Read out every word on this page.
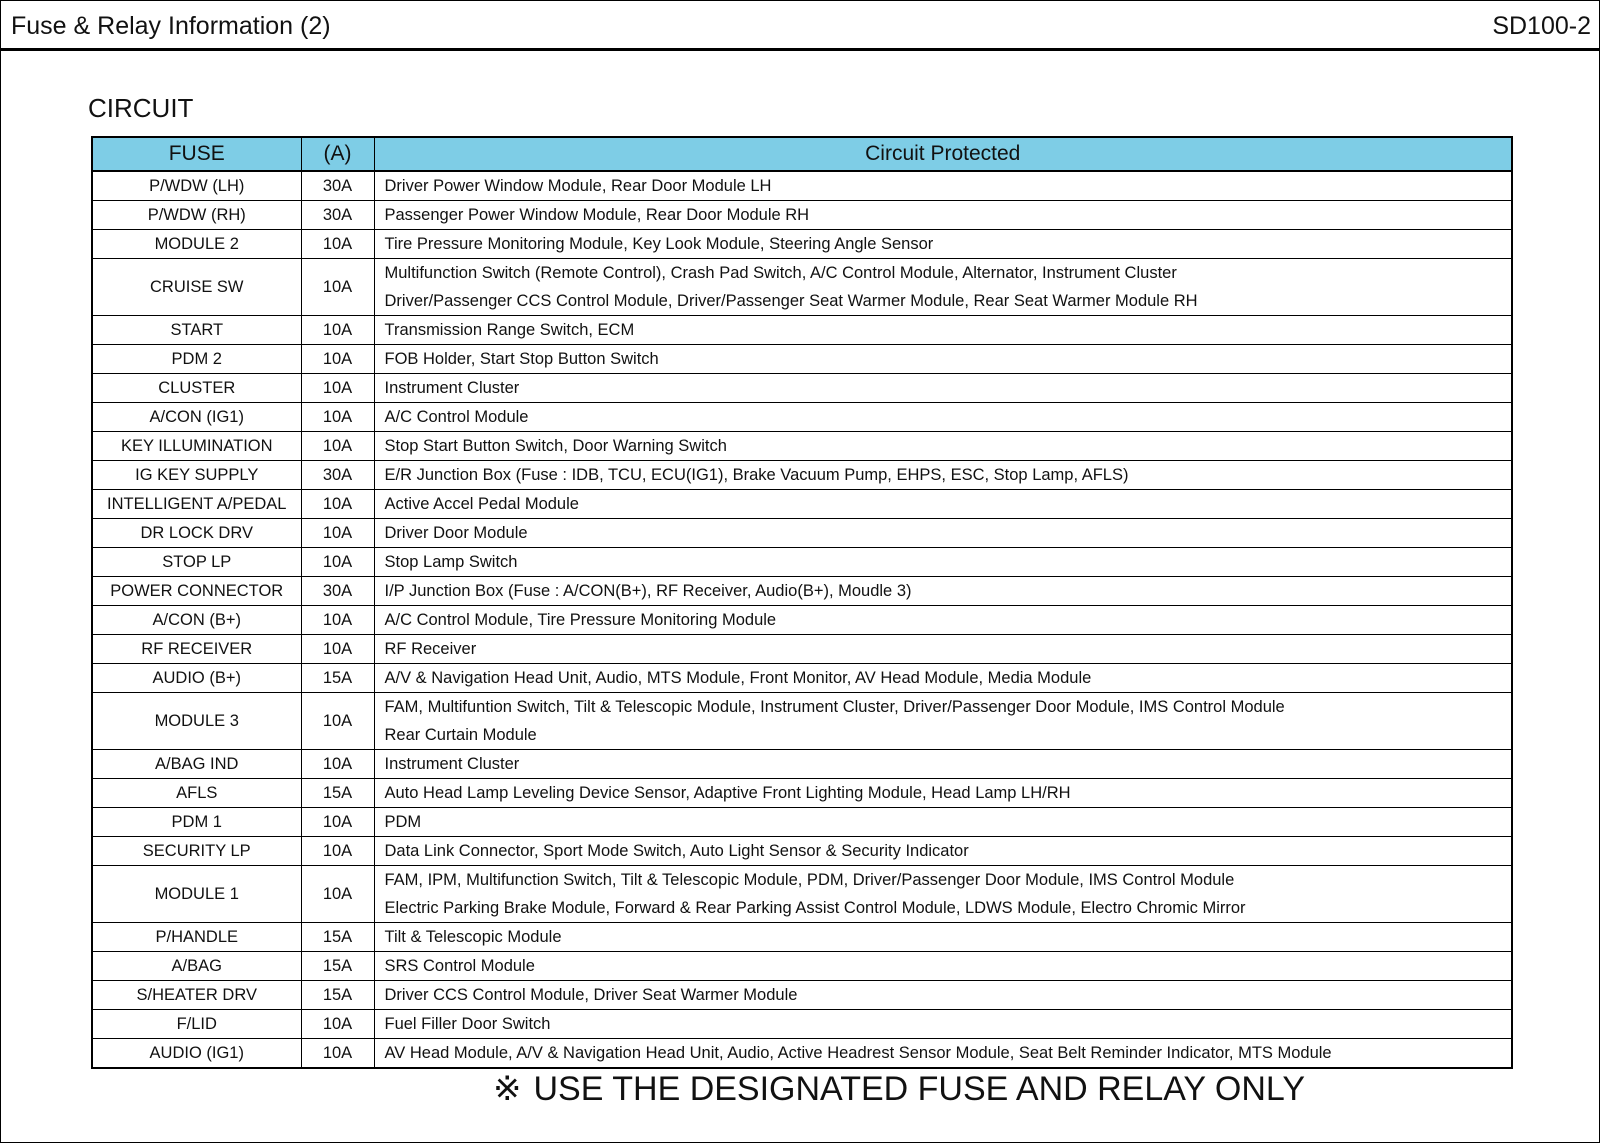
Fuse & Relay Information (2)	SD100-2
CIRCUIT
FUSE	(A)	Circuit Protected
P/WDW (LH)	30A	Driver Power Window Module, Rear Door Module LH

P/WDW (RH)	30A	Passenger Power Window Module, Rear Door Module RH

MODULE 2	10A	Tire Pressure Monitoring Module, Key Look Module, Steering Angle Sensor

CRUISE SW	10A	Multifunction Switch (Remote Control), Crash Pad Switch, A/C Control Module, Alternator, Instrument Cluster
Driver/Passenger CCS Control Module, Driver/Passenger Seat Warmer Module, Rear Seat Warmer Module RH

START	10A	Transmission Range Switch, ECM

PDM 2	10A	FOB Holder, Start Stop Button Switch

CLUSTER	10A	Instrument Cluster

A/CON (IG1)	10A	A/C Control Module

KEY ILLUMINATION	10A	Stop Start Button Switch, Door Warning Switch

IG KEY SUPPLY	30A	E/R Junction Box (Fuse : IDB, TCU, ECU(IG1), Brake Vacuum Pump, EHPS, ESC, Stop Lamp, AFLS)

INTELLIGENT A/PEDAL	10A	Active Accel Pedal Module

DR LOCK DRV	10A	Driver Door Module

STOP LP	10A	Stop Lamp Switch

POWER CONNECTOR	30A	I/P Junction Box (Fuse : A/CON(B+), RF Receiver, Audio(B+), Moudle 3)

A/CON (B+)	10A	A/C Control Module, Tire Pressure Monitoring Module

RF RECEIVER	10A	RF Receiver

AUDIO (B+)	15A	A/V & Navigation Head Unit, Audio, MTS Module, Front Monitor, AV Head Module, Media Module

MODULE 3	10A	FAM, Multifuntion Switch, Tilt & Telescopic Module, Instrument Cluster, Driver/Passenger Door Module, IMS Control Module
Rear Curtain Module

A/BAG IND	10A	Instrument Cluster

AFLS	15A	Auto Head Lamp Leveling Device Sensor, Adaptive Front Lighting Module, Head Lamp LH/RH

PDM 1	10A	PDM

SECURITY LP	10A	Data Link Connector, Sport Mode Switch, Auto Light Sensor & Security Indicator

MODULE 1	10A	FAM, IPM, Multifunction Switch, Tilt & Telescopic Module, PDM, Driver/Passenger Door Module, IMS Control Module
Electric Parking Brake Module, Forward & Rear Parking Assist Control Module, LDWS Module, Electro Chromic Mirror

P/HANDLE	15A	Tilt & Telescopic Module

A/BAG	15A	SRS Control Module

S/HEATER DRV	15A	Driver CCS Control Module, Driver Seat Warmer Module

F/LID	10A	Fuel Filler Door Switch

AUDIO (IG1)	10A	AV Head Module, A/V & Navigation Head Unit, Audio, Active Headrest Sensor Module, Seat Belt Reminder Indicator, MTS Module
※ USE THE DESIGNATED FUSE AND RELAY ONLY
